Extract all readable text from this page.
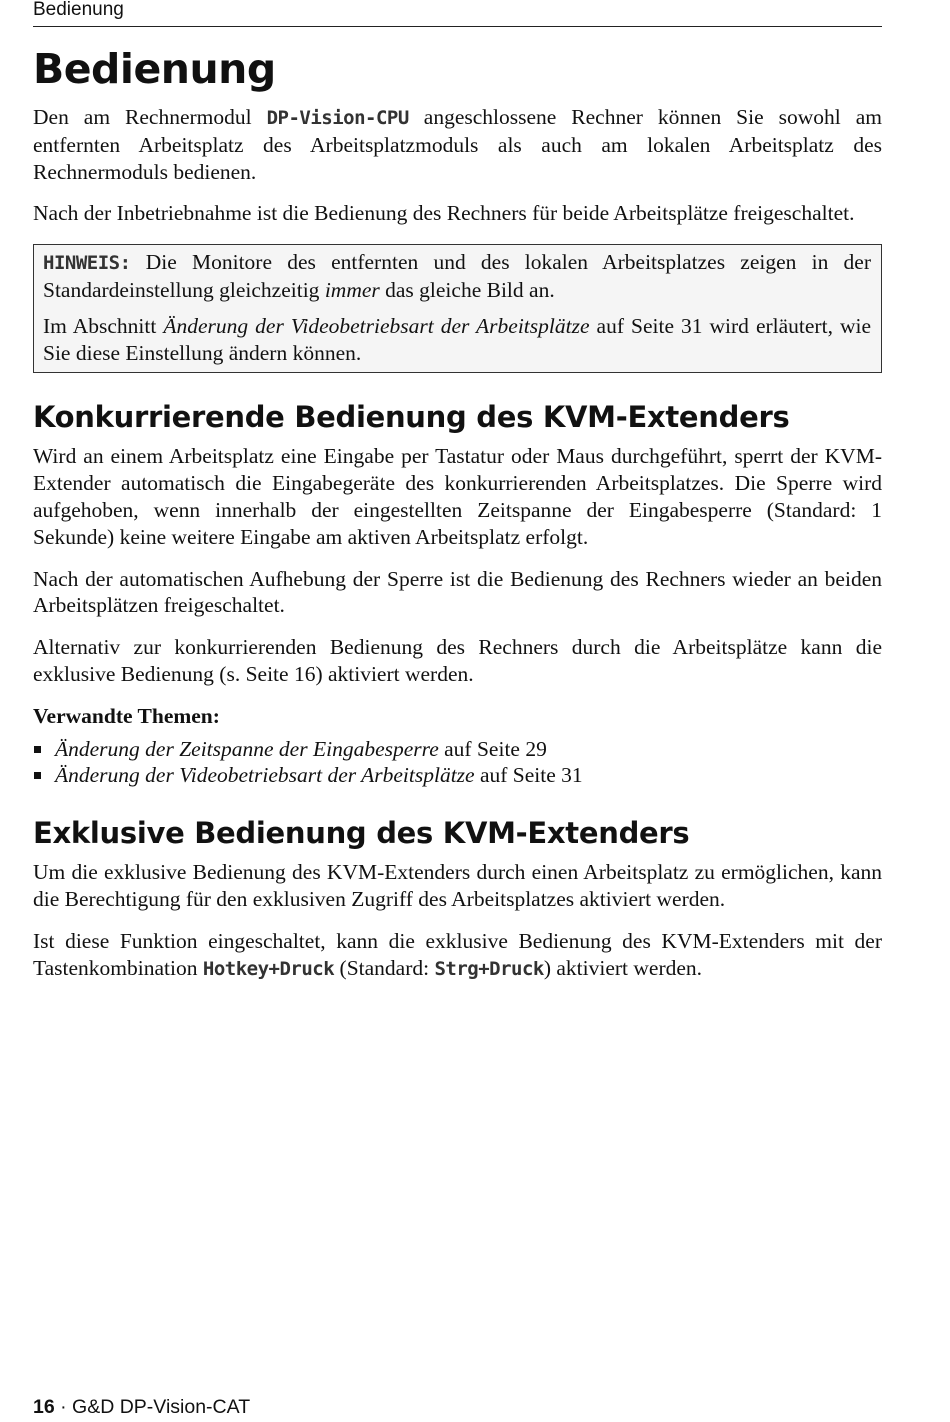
Bedienung
Bedienung

Den am Rechnermodul DP-Vision-CPU angeschlossene Rechner können Sie sowohl am entfernten Arbeitsplatz des Arbeitsplatzmoduls als auch am lokalen Arbeitsplatz des Rechnermoduls bedienen.

Nach der Inbetriebnahme ist die Bedienung des Rechners für beide Arbeitsplätze freigeschaltet.

HINWEIS: Die Monitore des entfernten und des lokalen Arbeitsplatzes zeigen in der Standardeinstellung gleichzeitig immer das gleiche Bild an.

Im Abschnitt Änderung der Videobetriebsart der Arbeitsplätze auf Seite 31 wird erläutert, wie Sie diese Einstellung ändern können.

Konkurrierende Bedienung des KVM-Extenders

Wird an einem Arbeitsplatz eine Eingabe per Tastatur oder Maus durchgeführt, sperrt der KVM-Extender automatisch die Eingabegeräte des konkurrierenden Arbeitsplatzes. Die Sperre wird aufgehoben, wenn innerhalb der eingestellten Zeitspanne der Eingabesperre (Standard: 1 Sekunde) keine weitere Eingabe am aktiven Arbeitsplatz erfolgt.

Nach der automatischen Aufhebung der Sperre ist die Bedienung des Rechners wieder an beiden Arbeitsplätzen freigeschaltet.

Alternativ zur konkurrierenden Bedienung des Rechners durch die Arbeitsplätze kann die exklusive Bedienung (s. Seite 16) aktiviert werden.

Verwandte Themen:

Änderung der Zeitspanne der Eingabesperre auf Seite 29
Änderung der Videobetriebsart der Arbeitsplätze auf Seite 31
Exklusive Bedienung des KVM-Extenders

Um die exklusive Bedienung des KVM-Extenders durch einen Arbeitsplatz zu ermöglichen, kann die Berechtigung für den exklusiven Zugriff des Arbeitsplatzes aktiviert werden.

Ist diese Funktion eingeschaltet, kann die exklusive Bedienung des KVM-Extenders mit der Tastenkombination Hotkey+Druck (Standard: Strg+Druck) aktiviert werden.

16 · G&D DP-Vision-CAT
